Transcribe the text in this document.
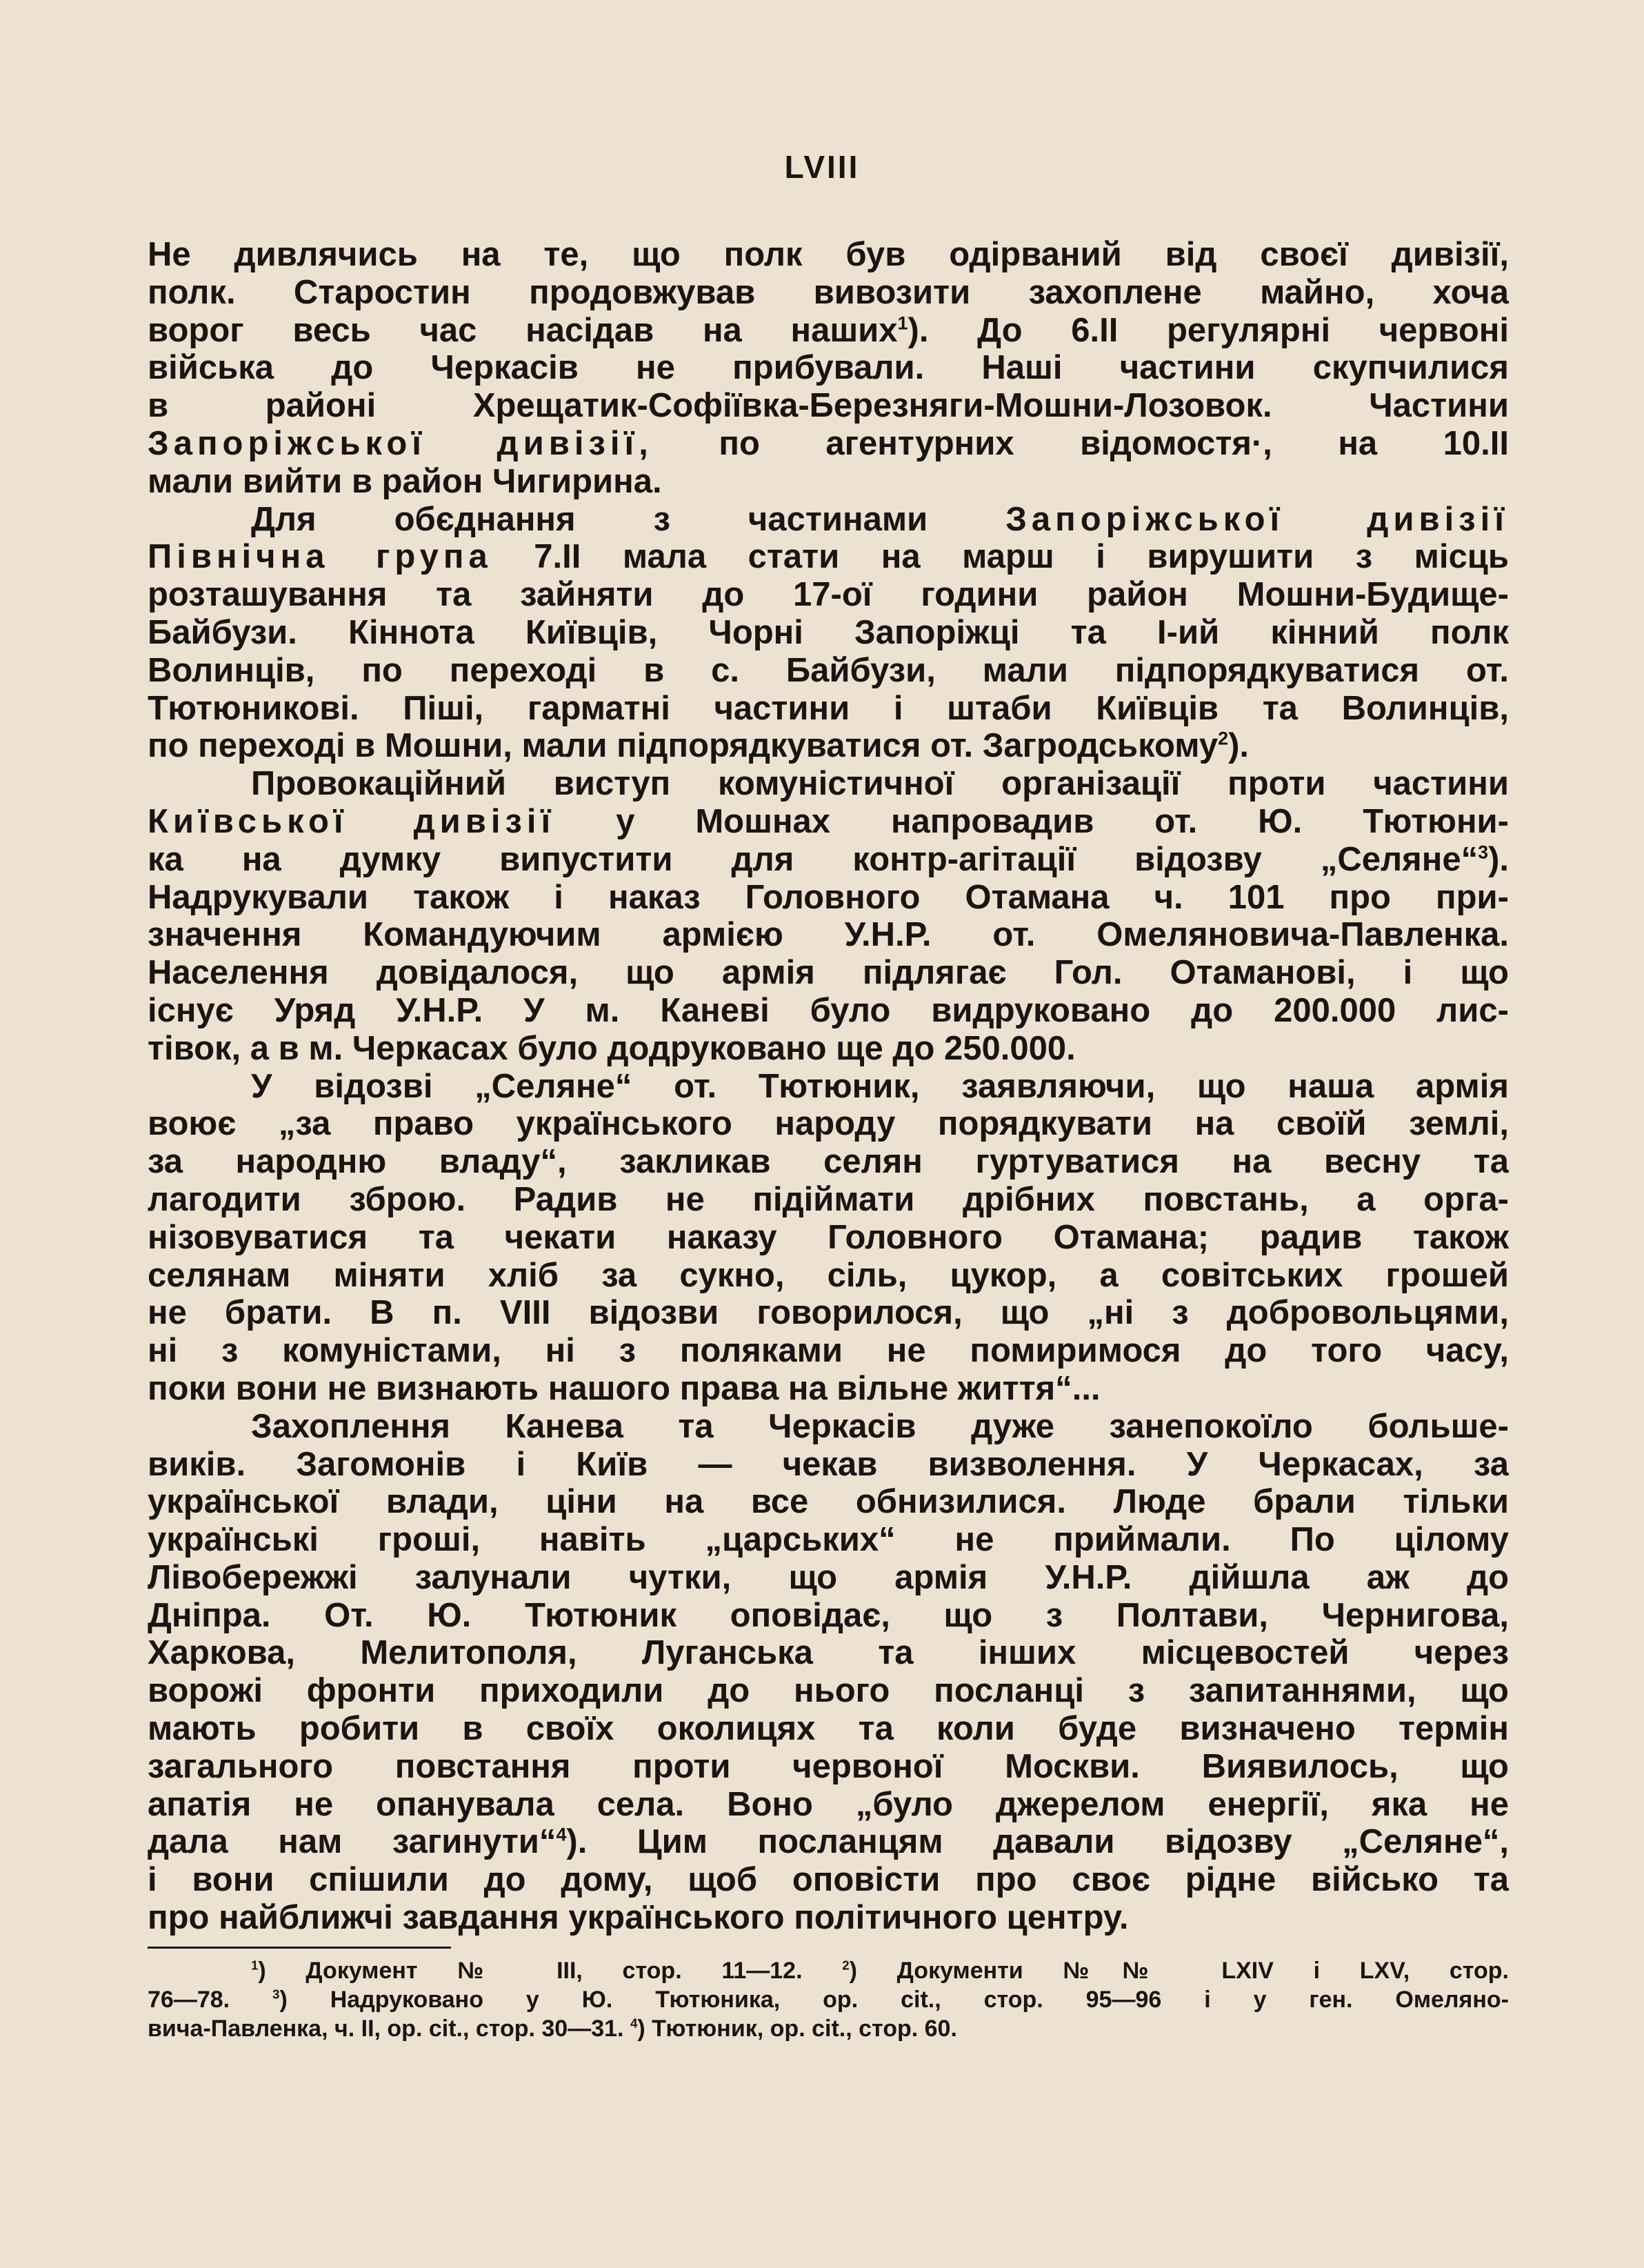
LVIII
Не дивлячись на те, що полк був одірваний від своєї дивізії,
полк. Старостин продовжував вивозити захоплене майно, хоча
ворог весь час насідав на наших$^1$). До 6.II регулярні червоні
війська до Черкасів не прибували. Наші частини скупчилися
в районі Хрещатик-Софіївка-Березняги-Мошни-Лозовок. Частини
Запоріжської дивізії, по агентурних відомостя·, на 10.II
мали вийти в район Чигирина.
Для обєднання з частинами Запоріжської дивізії
Північна група 7.II мала стати на марш і вирушити з місць
розташування та зайняти до 17-ої години район Мошни-Будище-
Байбузи. Кіннота Київців, Чорні Запоріжці та I-ий кінний полк
Волинців, по переході в с. Байбузи, мали підпорядкуватися от.
Тютюникові. Піші, гарматні частини і штаби Київців та Волинців,
по переході в Мошни, мали підпорядкуватися от. Загродському$^2$).
Провокаційний виступ комуністичної організації проти частини
Київської дивізії у Мошнах напровадив от. Ю. Тютюни-
ка на думку випустити для контр-агітації відозву „Селяне“$^3$).
Надрукували також і наказ Головного Отамана ч. 101 про при-
значення Командуючим армією У.Н.Р. от. Омеляновича-Павленка.
Населення довідалося, що армія підлягає Гол. Отаманові, і що
існує Уряд У.Н.Р. У м. Каневі було видруковано до 200.000 лис-
тівок, а в м. Черкасах було додруковано ще до 250.000.
У відозві „Селяне“ от. Тютюник, заявляючи, що наша армія
воює „за право українського народу порядкувати на своїй землі,
за народню владу“, закликав селян гуртуватися на весну та
лагодити зброю. Радив не підіймати дрібних повстань, а орга-
нізовуватися та чекати наказу Головного Отамана; радив також
селянам міняти хліб за сукно, сіль, цукор, а совітських грошей
не брати. В п. VIII відозви говорилося, що „ні з добровольцями,
ні з комуністами, ні з поляками не помиримося до того часу,
поки вони не визнають нашого права на вільне життя“...
Захоплення Канева та Черкасів дуже занепокоїло больше-
виків. Загомонів і Київ — чекав визволення. У Черкасах, за
української влади, ціни на все обнизилися. Люде брали тільки
українські гроші, навіть „царських“ не приймали. По цілому
Лівобережжі залунали чутки, що армія У.Н.Р. дійшла аж до
Дніпра. От. Ю. Тютюник оповідає, що з Полтави, Чернигова,
Харкова, Мелитополя, Луганська та інших місцевостей через
ворожі фронти приходили до нього посланці з запитаннями, що
мають робити в своїх околицях та коли буде визначено термін
загального повстання проти червоної Москви. Виявилось, що
апатія не опанувала села. Воно „було джерелом енергії, яка не
дала нам загинути“$^4$). Цим посланцям давали відозву „Селяне“,
і вони спішили до дому, щоб оповісти про своє рідне військо та
про найближчі завдання українського політичного центру.
$^1$) Документ № III, стор. 11—12.	$^2$) Документи №№ LXIV і LXV, стор.
76—78.	$^3$) Надруковано у Ю. Тютюника, op. cit., стор. 95—96 і у ген. Омеляно-
вича-Павленка, ч. II, op. cit., стор. 30—31. $^4$) Тютюник, op. cit., стор. 60.
